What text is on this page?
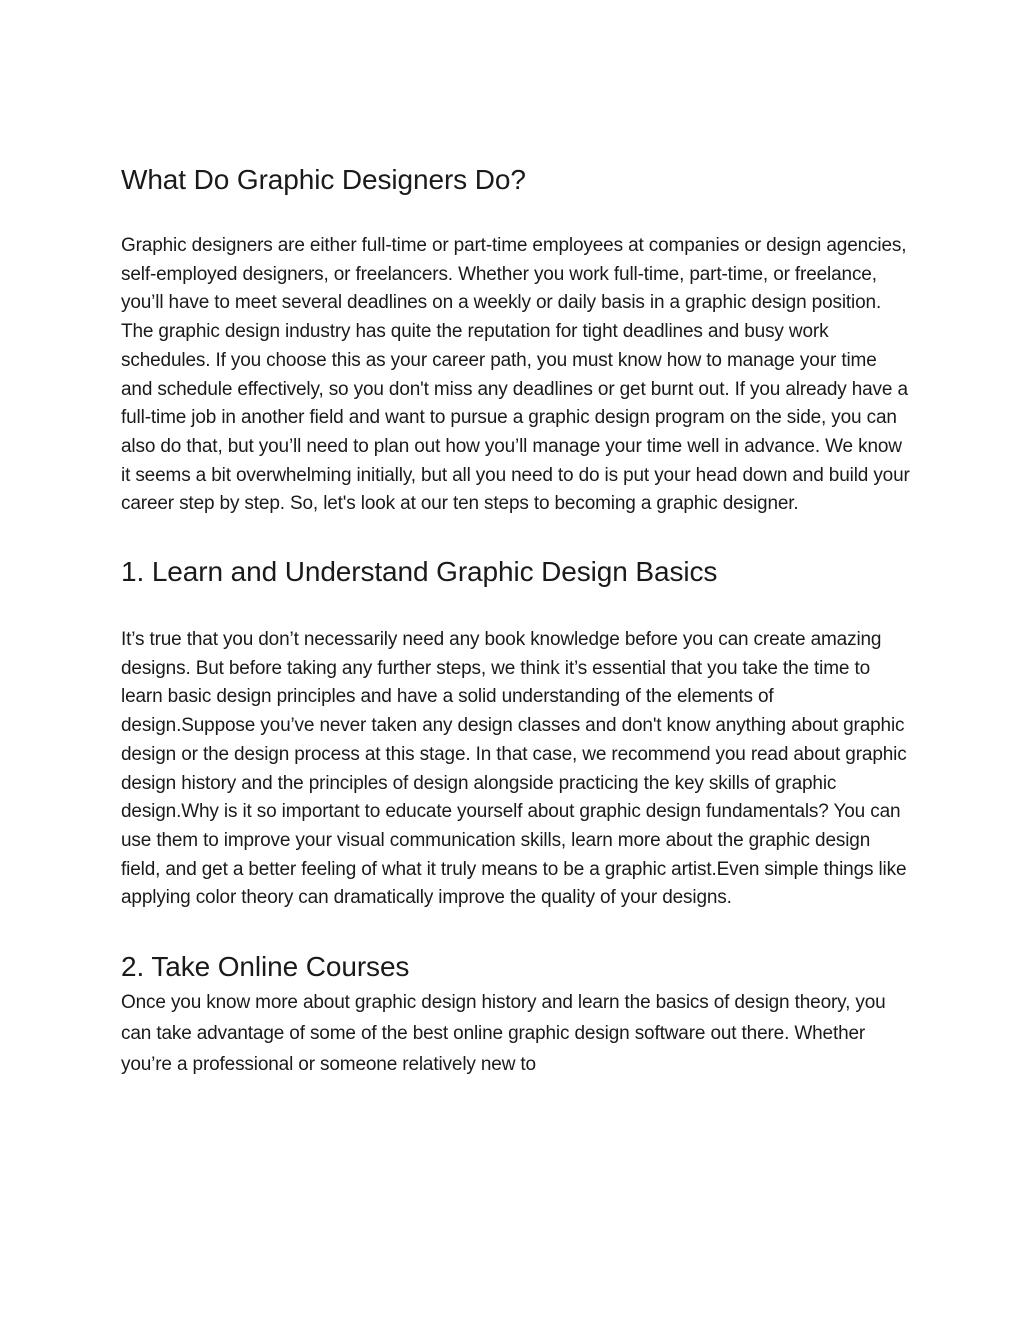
What Do Graphic Designers Do?

Graphic designers are either full-time or part-time employees at companies or design agencies, self-employed designers, or freelancers. Whether you work full-time, part-time, or freelance, you’ll have to meet several deadlines on a weekly or daily basis in a graphic design position. The graphic design industry has quite the reputation for tight deadlines and busy work schedules. If you choose this as your career path, you must know how to manage your time and schedule effectively, so you don't miss any deadlines or get burnt out. If you already have a full-time job in another field and want to pursue a graphic design program on the side, you can also do that, but you’ll need to plan out how you’ll manage your time well in advance. We know it seems a bit overwhelming initially, but all you need to do is put your head down and build your career step by step. So, let's look at our ten steps to becoming a graphic designer.

1. Learn and Understand Graphic Design Basics

It’s true that you don’t necessarily need any book knowledge before you can create amazing designs. But before taking any further steps, we think it’s essential that you take the time to learn basic design principles and have a solid understanding of the elements of design.Suppose you’ve never taken any design classes and don't know anything about graphic design or the design process at this stage. In that case, we recommend you read about graphic design history and the principles of design alongside practicing the key skills of graphic design.Why is it so important to educate yourself about graphic design fundamentals? You can use them to improve your visual communication skills, learn more about the graphic design field, and get a better feeling of what it truly means to be a graphic artist.Even simple things like applying color theory can dramatically improve the quality of your designs.

2. Take Online Courses

Once you know more about graphic design history and learn the basics of design theory, you can take advantage of some of the best online graphic design software out there. Whether you’re a professional or someone relatively new to
